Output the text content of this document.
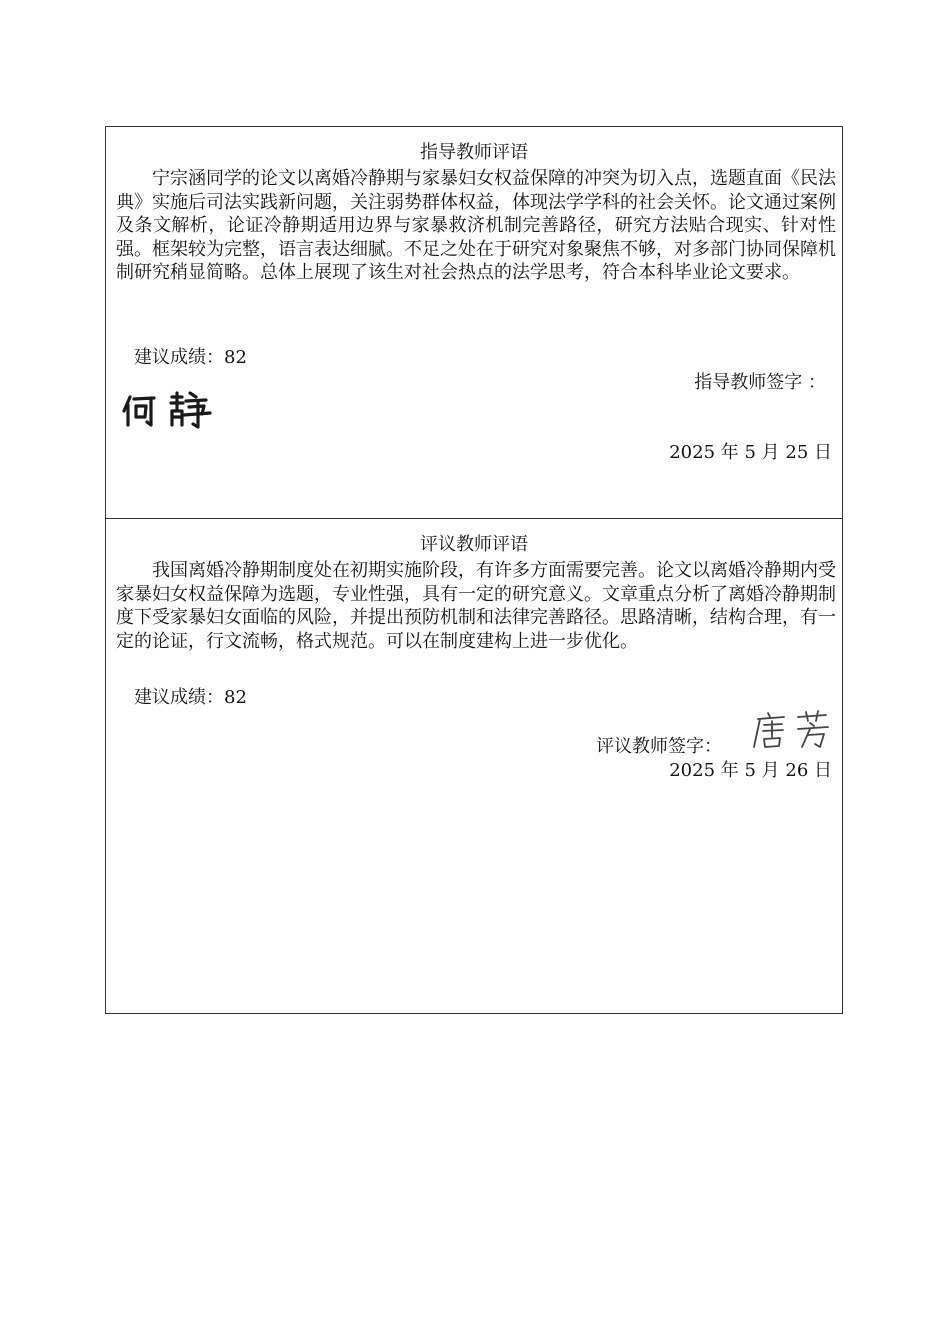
指导教师评语
宁宗涵同学的论文以离婚冷静期与家暴妇女权益保障的冲突为切入点，选题直面《民法典》实施后司法实践新问题，关注弱势群体权益，体现法学学科的社会关怀。论文通过案例及条文解析，论证冷静期适用边界与家暴救济机制完善路径，研究方法贴合现实、针对性强。框架较为完整，语言表达细腻。不足之处在于研究对象聚焦不够，对多部门协同保障机制研究稍显简略。总体上展现了该生对社会热点的法学思考，符合本科毕业论文要求。
建议成绩：82
指导教师签字 ：
2025 年 5 月 25 日
评议教师评语
我国离婚冷静期制度处在初期实施阶段，有许多方面需要完善。论文以离婚冷静期内受家暴妇女权益保障为选题，专业性强，具有一定的研究意义。文章重点分析了离婚冷静期制度下受家暴妇女面临的风险，并提出预防机制和法律完善路径。思路清晰，结构合理，有一定的论证，行文流畅，格式规范。可以在制度建构上进一步优化。
建议成绩：82
评议教师签字：
2025 年 5 月 26 日
